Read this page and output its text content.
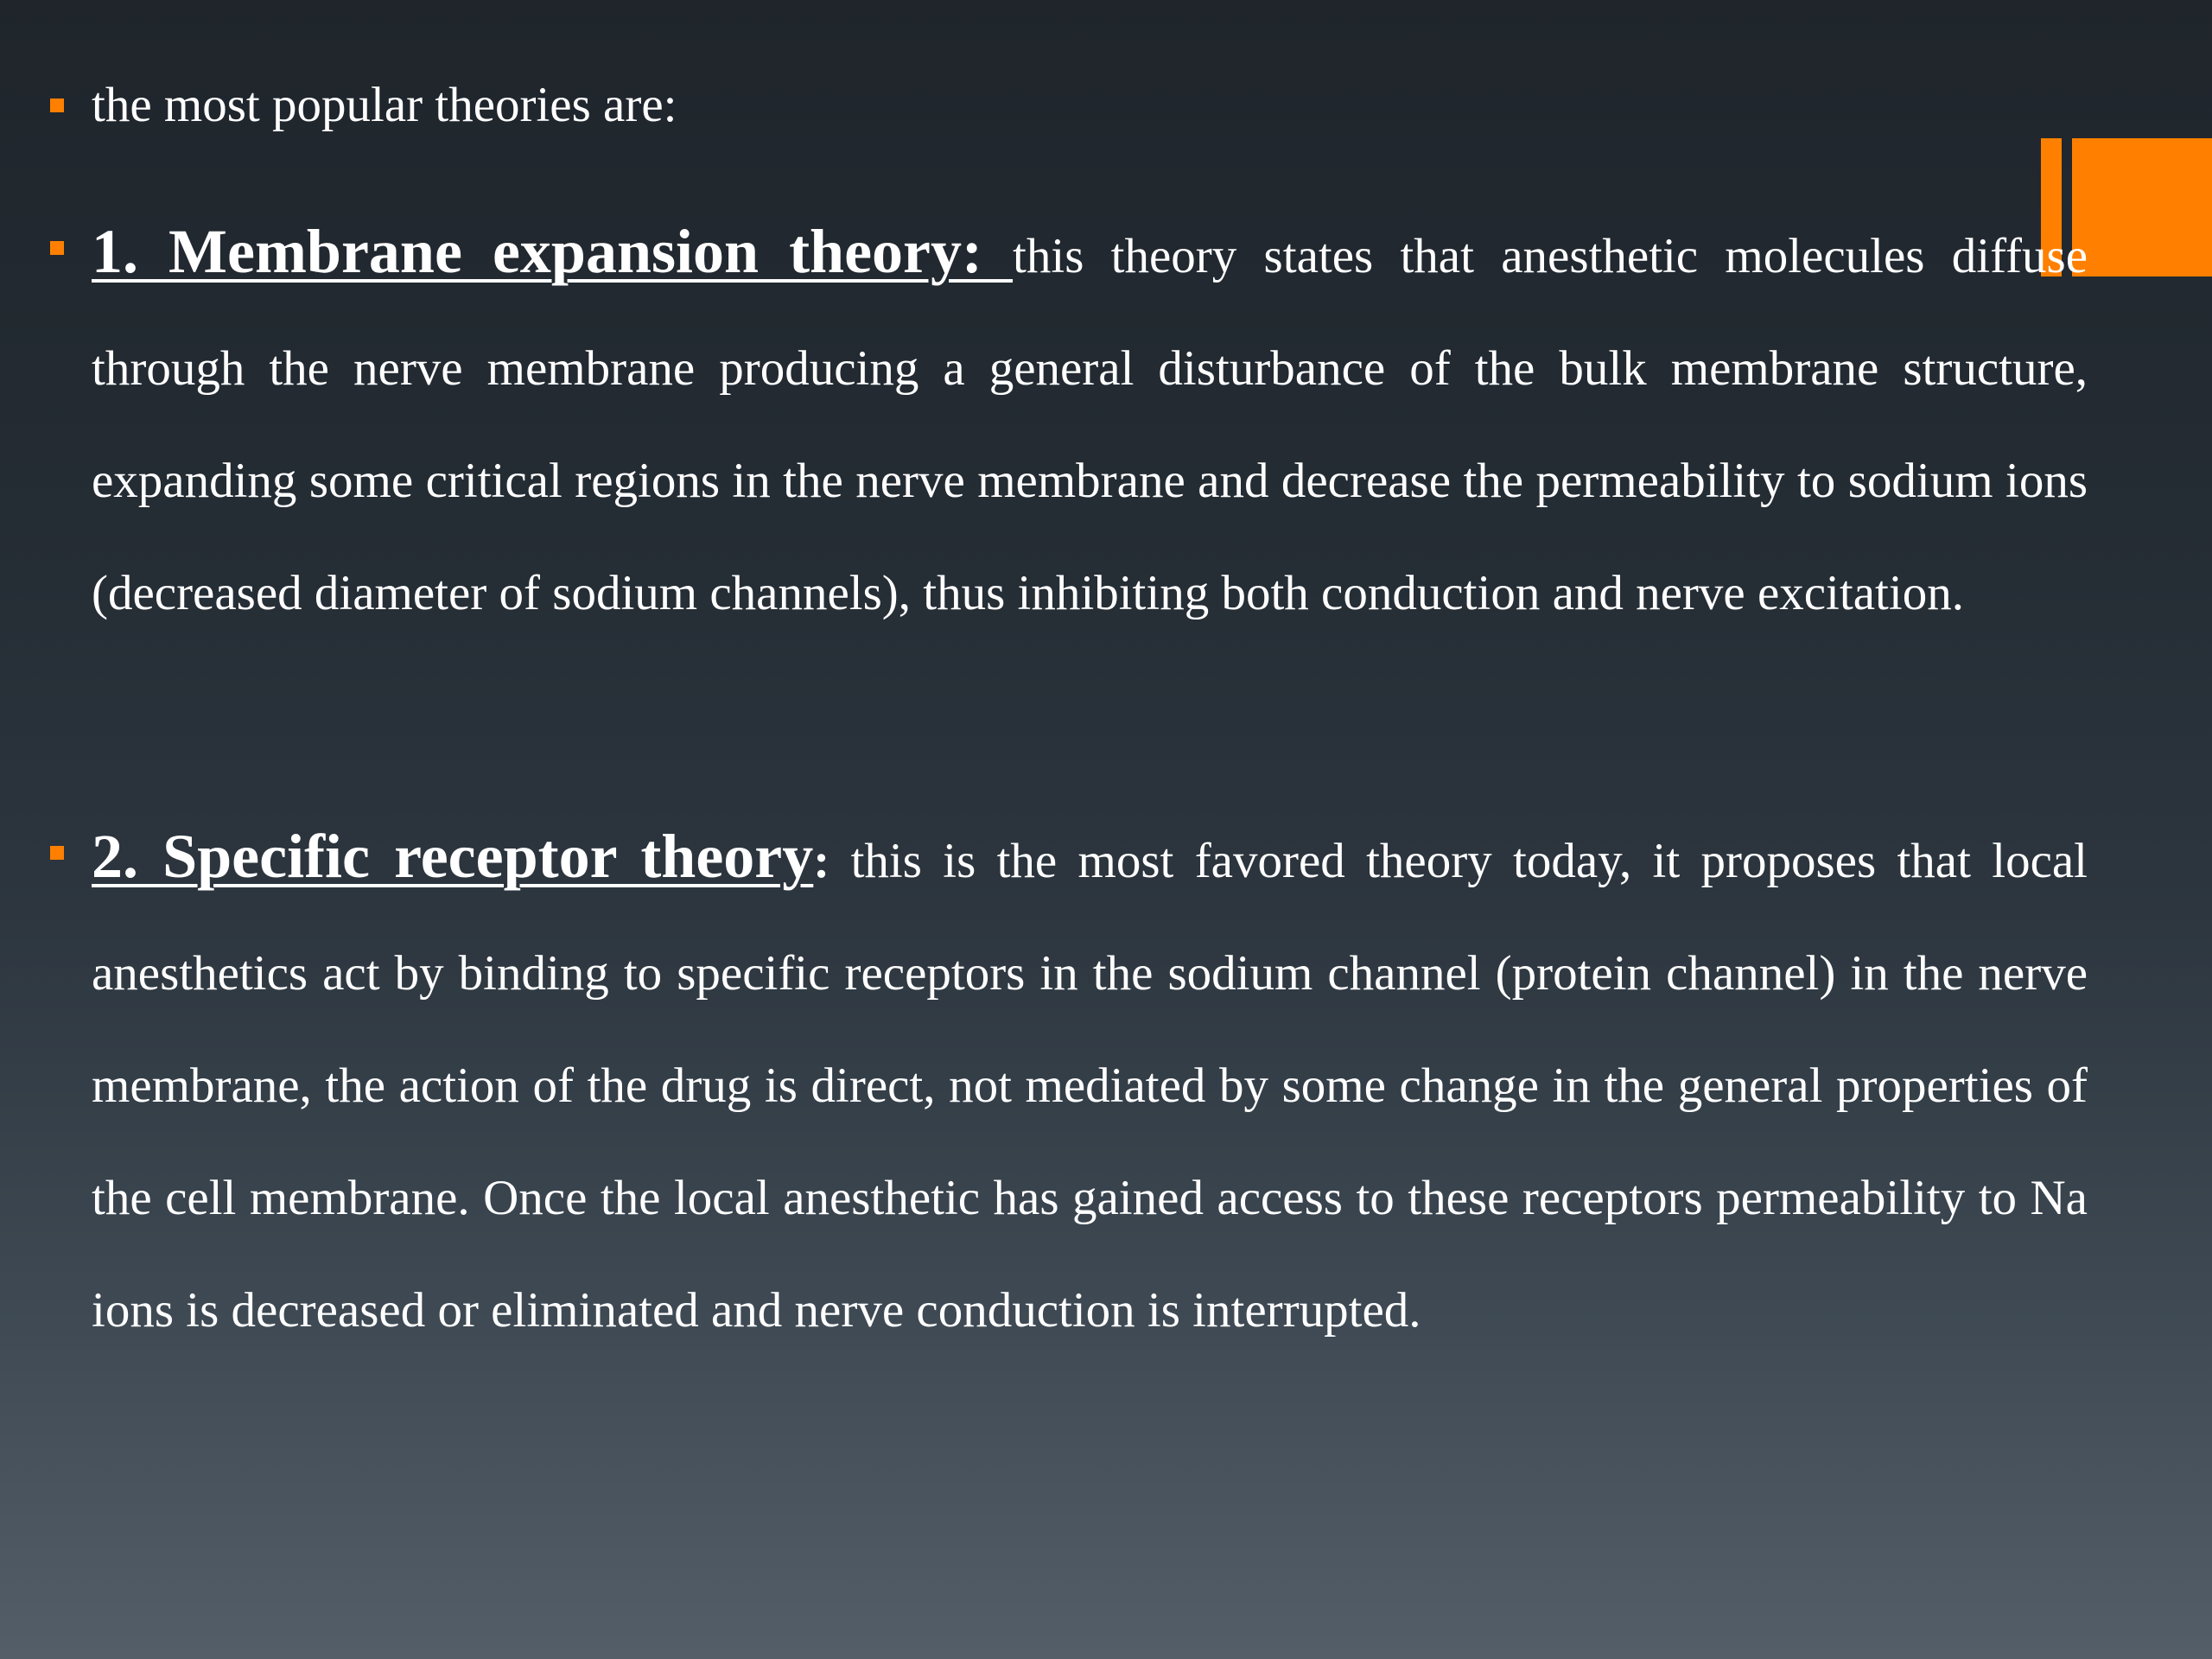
the most popular theories are:
1. Membrane expansion theory: this theory states that anesthetic molecules diffuse through the nerve membrane producing a general disturbance of the bulk membrane structure, expanding some critical regions in the nerve membrane and decrease the permeability to sodium ions (decreased diameter of sodium channels), thus inhibiting both conduction and nerve excitation.
2. Specific receptor theory: this is the most favored theory today, it proposes that local anesthetics act by binding to specific receptors in the sodium channel (protein channel) in the nerve membrane, the action of the drug is direct, not mediated by some change in the general properties of the cell membrane. Once the local anesthetic has gained access to these receptors permeability to Na ions is decreased or eliminated and nerve conduction is interrupted.
